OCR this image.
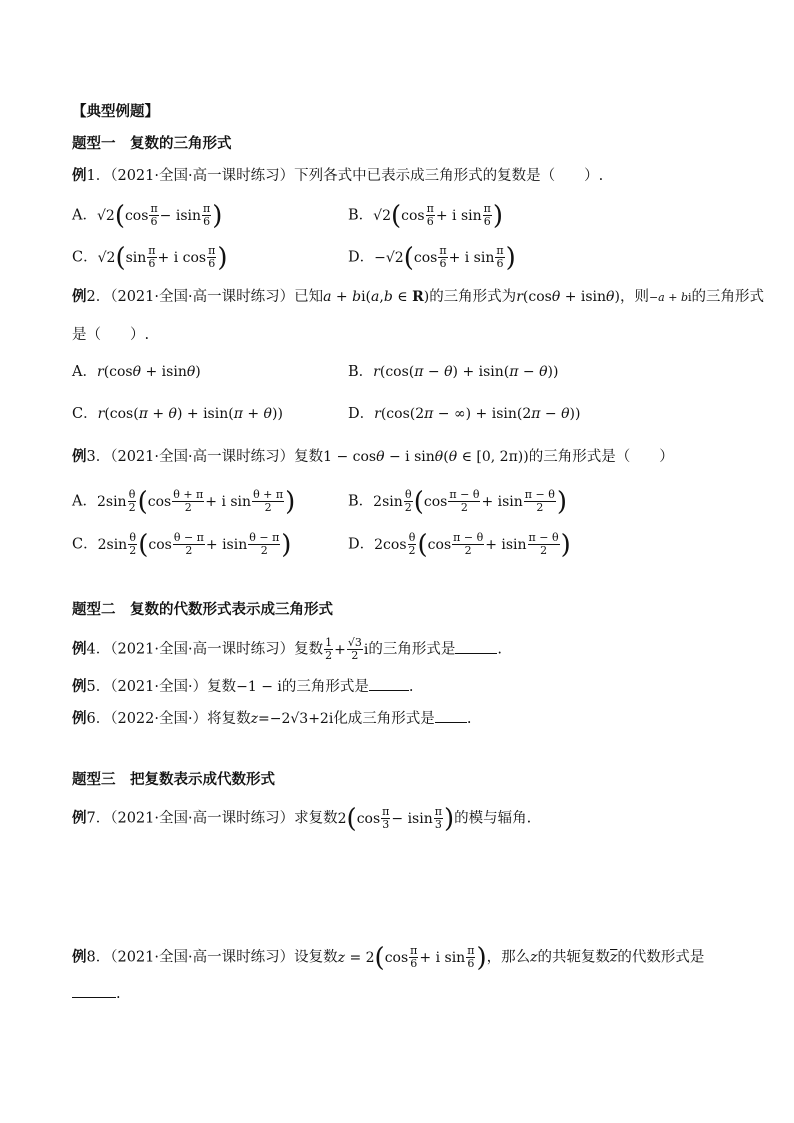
【典型例题】
题型一　复数的三角形式
例1．（2021·全国·高一课时练习）下列各式中已表示成三角形式的复数是（　　）.
A．$√2(\cos \frac{\pi}{6} - isin \frac{\pi}{6}$ )	B．$√2(\cos \frac{\pi}{6} + i$ $\sin \frac{\pi}{6}$ )
C．$√2(\sin \frac{\pi}{6} + i$ $\cos \frac{\pi}{6}$ )	D．$-√2(\cos \frac{\pi}{6} + i$ $\sin \frac{\pi}{6}$ )
例2．（2021·全国·高一课时练习）已知a + bi(a,b ∈ R)的三角形式为r(cosθ + isinθ)，则−a + bi的三角形式
是（　　）.
A．r(cosθ + isinθ)	B．r(cos(π − θ) + isin(π − θ))
C．r(cos(π + θ) + isin(π + θ))	D．r(cos(2π − ∞) + isin(2π − θ))
例3．（2021·全国·高一课时练习）复数1 − cosθ − i sinθ(θ ∈ [0, 2π))的三角形式是（　　）
A．$2\sin \frac{\theta}{2} (\cos \frac{\theta + \pi}{2} + i$ $\sin \frac{\theta + \pi}{2}$ )	B．$2\sin \frac{\theta}{2} (\cos \frac{\pi - \theta}{2} + isin \frac{\pi - \theta}{2}$ )
C．$2\sin \frac{\theta}{2} (\cos \frac{\theta - \pi}{2} + isin \frac{\theta - \pi}{2}$ )	D．$2\cos \frac{\theta}{2} (\cos \frac{\pi - \theta}{2} + isin \frac{\pi - \theta}{2}$ )
题型二　复数的代数形式表示成三角形式
例4．（2021·全国·高一课时练习）复数 $\frac{1}{2} + \frac{√3}{2}$ i的三角形式是	.
例5．（2021·全国·）复数−1 − i的三角形式是	.
例6．（2022·全国·）将复数z=−2√3+2i化成三角形式是 .
题型三　把复数表示成代数形式
例7．（2021·全国·高一课时练习）求复数$2(\cos \frac{\pi}{3} - isin \frac{\pi}{3}$ )的模与辐角.
例8．（2021·全国·高一课时练习）设复数$z = 2(\cos \frac{\pi}{6} + i$ $\sin \frac{\pi}{6}$ )，那么z的共轭复数$\overline{z}$的代数形式是
.
